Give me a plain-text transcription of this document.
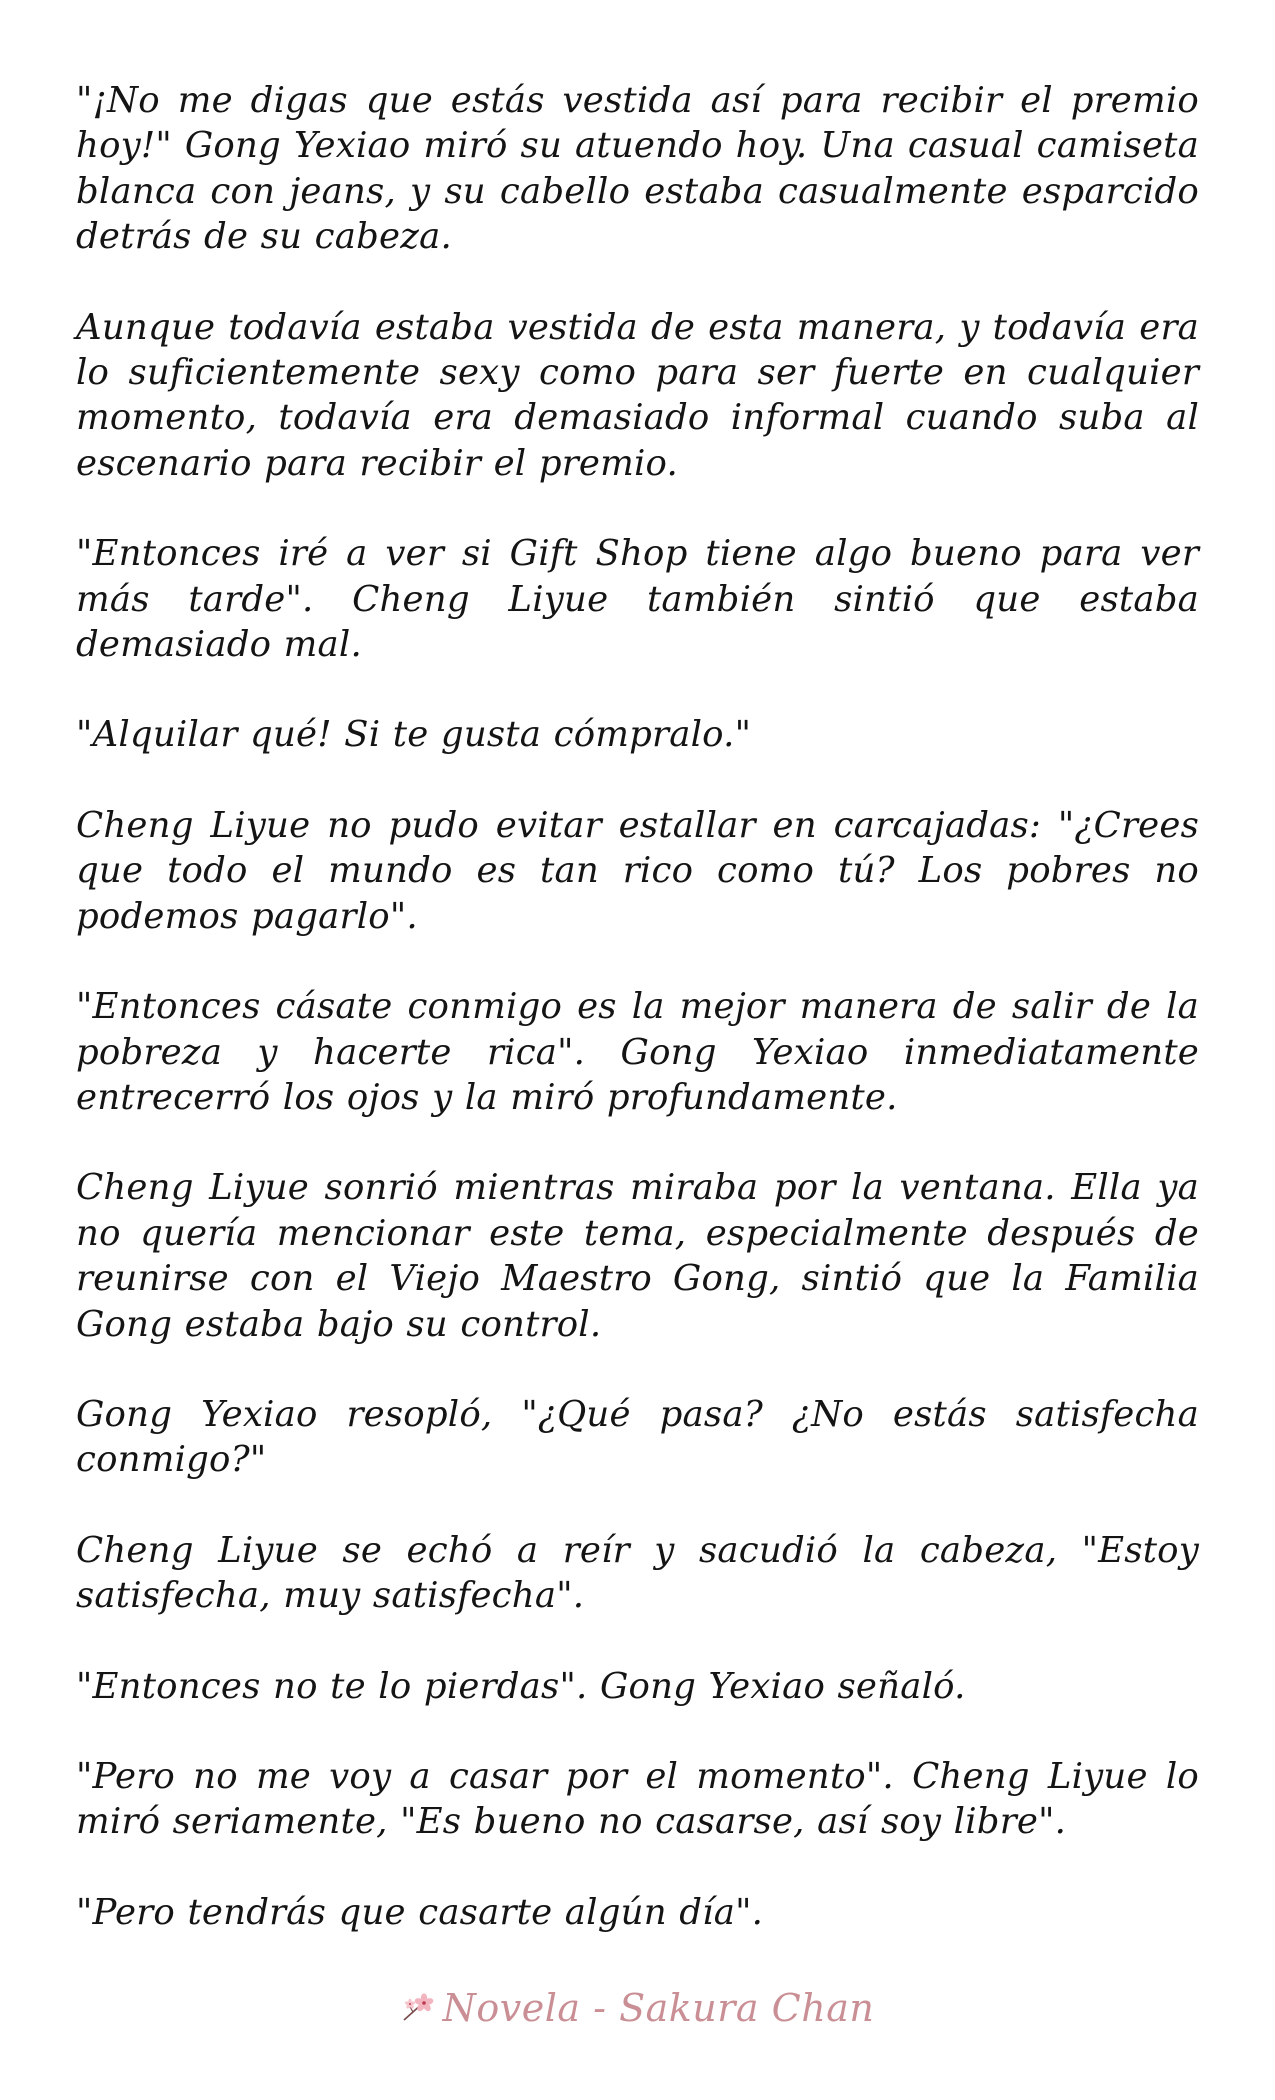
"¡No me digas que estás vestida así para recibir el premio hoy!" Gong Yexiao miró su atuendo hoy. Una casual camiseta blanca con jeans, y su cabello estaba casualmente esparcido detrás de su cabeza.

Aunque todavía estaba vestida de esta manera, y todavía era lo suficientemente sexy como para ser fuerte en cualquier momento, todavía era demasiado informal cuando suba al escenario para recibir el premio.

"Entonces iré a ver si Gift Shop tiene algo bueno para ver más tarde". Cheng Liyue también sintió que estaba demasiado mal.

"Alquilar qué! Si te gusta cómpralo."

Cheng Liyue no pudo evitar estallar en carcajadas: "¿Crees que todo el mundo es tan rico como tú? Los pobres no podemos pagarlo".

"Entonces cásate conmigo es la mejor manera de salir de la pobreza y hacerte rica". Gong Yexiao inmediatamente entrecerró los ojos y la miró profundamente.

Cheng Liyue sonrió mientras miraba por la ventana. Ella ya no quería mencionar este tema, especialmente después de reunirse con el Viejo Maestro Gong, sintió que la Familia Gong estaba bajo su control.

Gong Yexiao resopló, "¿Qué pasa? ¿No estás satisfecha conmigo?"

Cheng Liyue se echó a reír y sacudió la cabeza, "Estoy satisfecha, muy satisfecha".

"Entonces no te lo pierdas". Gong Yexiao señaló.

"Pero no me voy a casar por el momento". Cheng Liyue lo miró seriamente, "Es bueno no casarse, así soy libre".

"Pero tendrás que casarte algún día".

Novela - Sakura Chan
